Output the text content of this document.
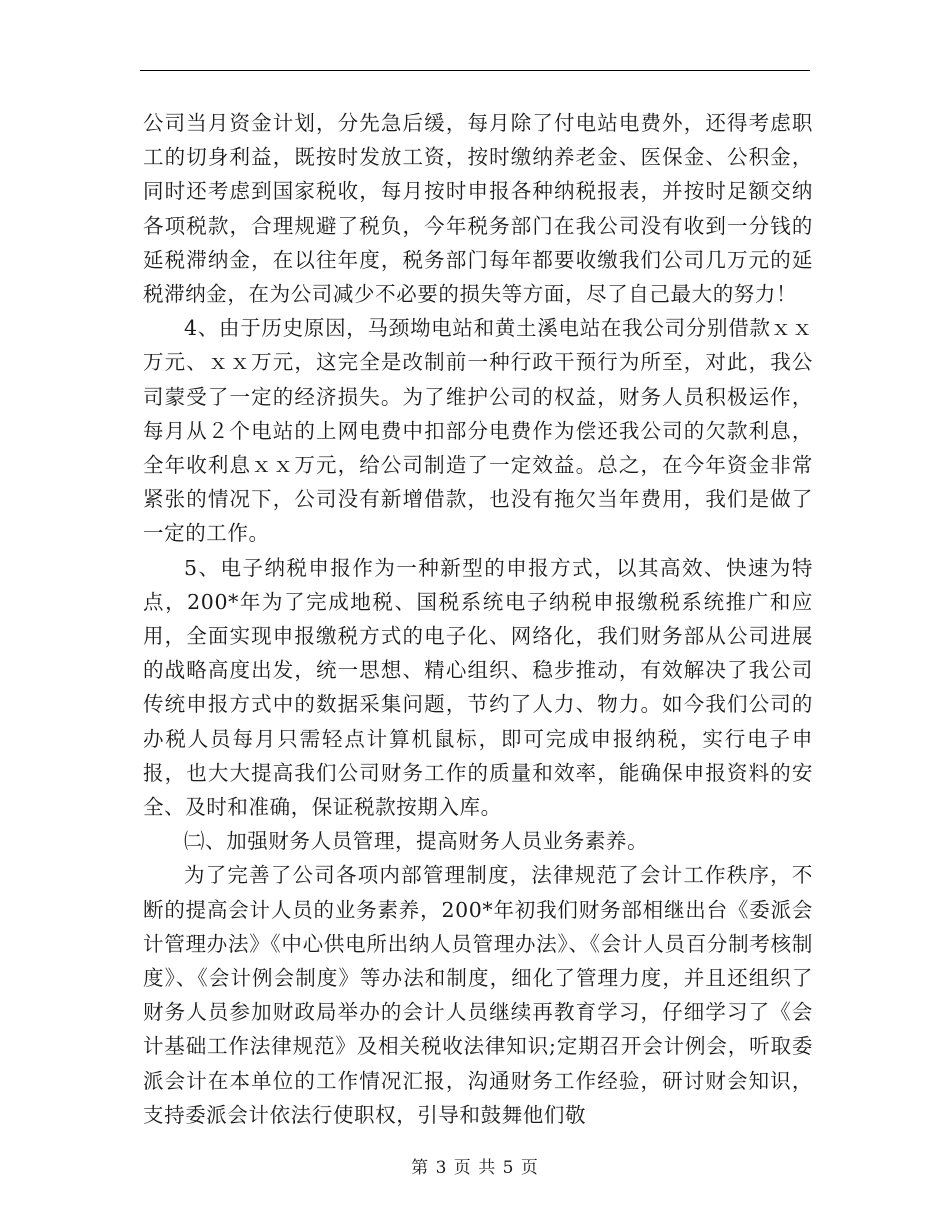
公司当月资金计划，分先急后缓，每月除了付电站电费外，还得考虑职工的切身利益，既按时发放工资，按时缴纳养老金、医保金、公积金，同时还考虑到国家税收，每月按时申报各种纳税报表，并按时足额交纳各项税款，合理规避了税负，今年税务部门在我公司没有收到一分钱的延税滞纳金，在以往年度，税务部门每年都要收缴我们公司几万元的延税滞纳金，在为公司减少不必要的损失等方面，尽了自己最大的努力！

4、由于历史原因，马颈坳电站和黄土溪电站在我公司分别借款ｘｘ万元、ｘｘ万元，这完全是改制前一种行政干预行为所至，对此，我公司蒙受了一定的经济损失。为了维护公司的权益，财务人员积极运作，每月从２个电站的上网电费中扣部分电费作为偿还我公司的欠款利息，全年收利息ｘｘ万元，给公司制造了一定效益。总之，在今年资金非常紧张的情况下，公司没有新增借款，也没有拖欠当年费用，我们是做了一定的工作。

5、电子纳税申报作为一种新型的申报方式，以其高效、快速为特点，200*年为了完成地税、国税系统电子纳税申报缴税系统推广和应用，全面实现申报缴税方式的电子化、网络化，我们财务部从公司进展的战略高度出发，统一思想、精心组织、稳步推动，有效解决了我公司传统申报方式中的数据采集问题，节约了人力、物力。如今我们公司的办税人员每月只需轻点计算机鼠标，即可完成申报纳税，实行电子申报，也大大提高我们公司财务工作的质量和效率，能确保申报资料的安全、及时和准确，保证税款按期入库。

㈡、加强财务人员管理，提高财务人员业务素养。

为了完善了公司各项内部管理制度，法律规范了会计工作秩序，不断的提高会计人员的业务素养，200*年初我们财务部相继出台《委派会计管理办法》《中心供电所出纳人员管理办法》、《会计人员百分制考核制度》、《会计例会制度》等办法和制度，细化了管理力度，并且还组织了财务人员参加财政局举办的会计人员继续再教育学习，仔细学习了《会计基础工作法律规范》及相关税收法律知识;定期召开会计例会，听取委派会计在本单位的工作情况汇报，沟通财务工作经验，研讨财会知识，支持委派会计依法行使职权，引导和鼓舞他们敬

第 3 页 共 5 页
